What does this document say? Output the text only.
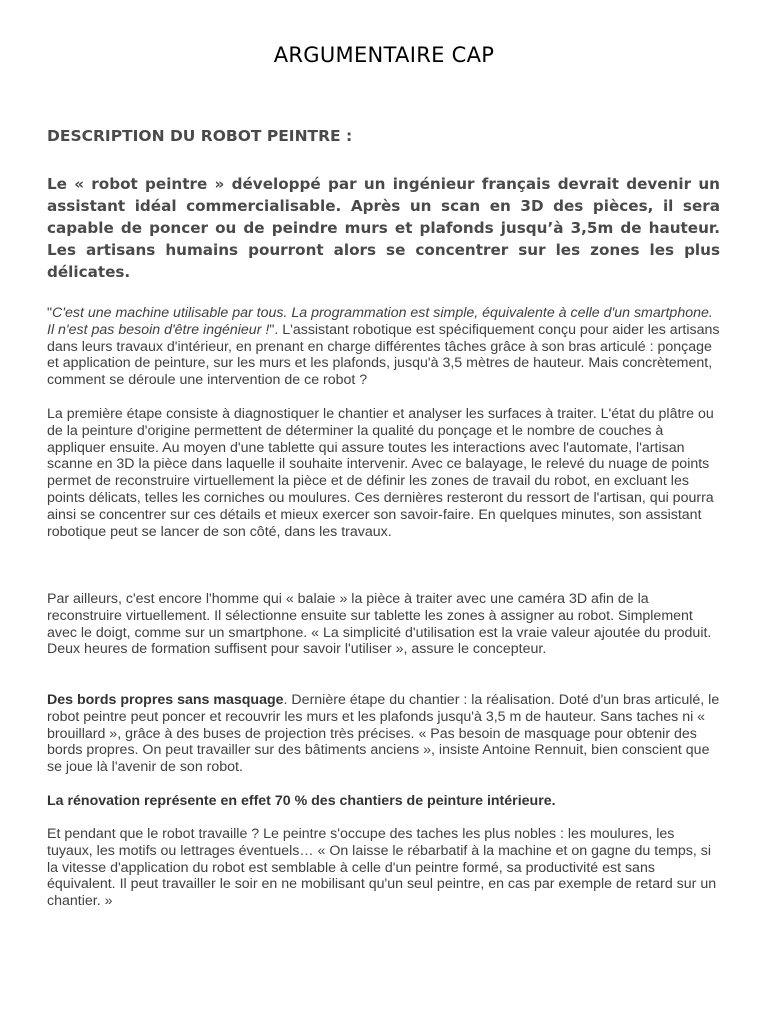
ARGUMENTAIRE CAP
DESCRIPTION DU ROBOT PEINTRE :
Le « robot peintre » développé par un ingénieur français devrait devenir un assistant idéal commercialisable. Après un scan en 3D des pièces, il sera capable de poncer ou de peindre murs et plafonds jusqu’à 3,5m de hauteur. Les artisans humains pourront alors se concentrer sur les zones les plus délicates.
"C'est une machine utilisable par tous. La programmation est simple, équivalente à celle d'un smartphone. Il n'est pas besoin d'être ingénieur !". L'assistant robotique est spécifiquement conçu pour aider les artisans dans leurs travaux d'intérieur, en prenant en charge différentes tâches grâce à son bras articulé : ponçage et application de peinture, sur les murs et les plafonds, jusqu'à 3,5 mètres de hauteur. Mais concrètement, comment se déroule une intervention de ce robot ?
La première étape consiste à diagnostiquer le chantier et analyser les surfaces à traiter. L'état du plâtre ou de la peinture d'origine permettent de déterminer la qualité du ponçage et le nombre de couches à appliquer ensuite. Au moyen d'une tablette qui assure toutes les interactions avec l'automate, l'artisan scanne en 3D la pièce dans laquelle il souhaite intervenir. Avec ce balayage, le relevé du nuage de points permet de reconstruire virtuellement la pièce et de définir les zones de travail du robot, en excluant les points délicats, telles les corniches ou moulures. Ces dernières resteront du ressort de l'artisan, qui pourra ainsi se concentrer sur ces détails et mieux exercer son savoir-faire. En quelques minutes, son assistant robotique peut se lancer de son côté, dans les travaux.
Par ailleurs, c'est encore l'homme qui « balaie » la pièce à traiter avec une caméra 3D afin de la reconstruire virtuellement. Il sélectionne ensuite sur tablette les zones à assigner au robot. Simplement avec le doigt, comme sur un smartphone. « La simplicité d'utilisation est la vraie valeur ajoutée du produit. Deux heures de formation suffisent pour savoir l'utiliser », assure le concepteur.
Des bords propres sans masquage. Dernière étape du chantier : la réalisation. Doté d'un bras articulé, le robot peintre peut poncer et recouvrir les murs et les plafonds jusqu'à 3,5 m de hauteur. Sans taches ni « brouillard », grâce à des buses de projection très précises. « Pas besoin de masquage pour obtenir des bords propres. On peut travailler sur des bâtiments anciens », insiste Antoine Rennuit, bien conscient que se joue là l'avenir de son robot.
La rénovation représente en effet 70 % des chantiers de peinture intérieure.
Et pendant que le robot travaille ? Le peintre s'occupe des taches les plus nobles : les moulures, les tuyaux, les motifs ou lettrages éventuels… « On laisse le rébarbatif à la machine et on gagne du temps, si la vitesse d'application du robot est semblable à celle d'un peintre formé, sa productivité est sans équivalent. Il peut travailler le soir en ne mobilisant qu'un seul peintre, en cas par exemple de retard sur un chantier. »
